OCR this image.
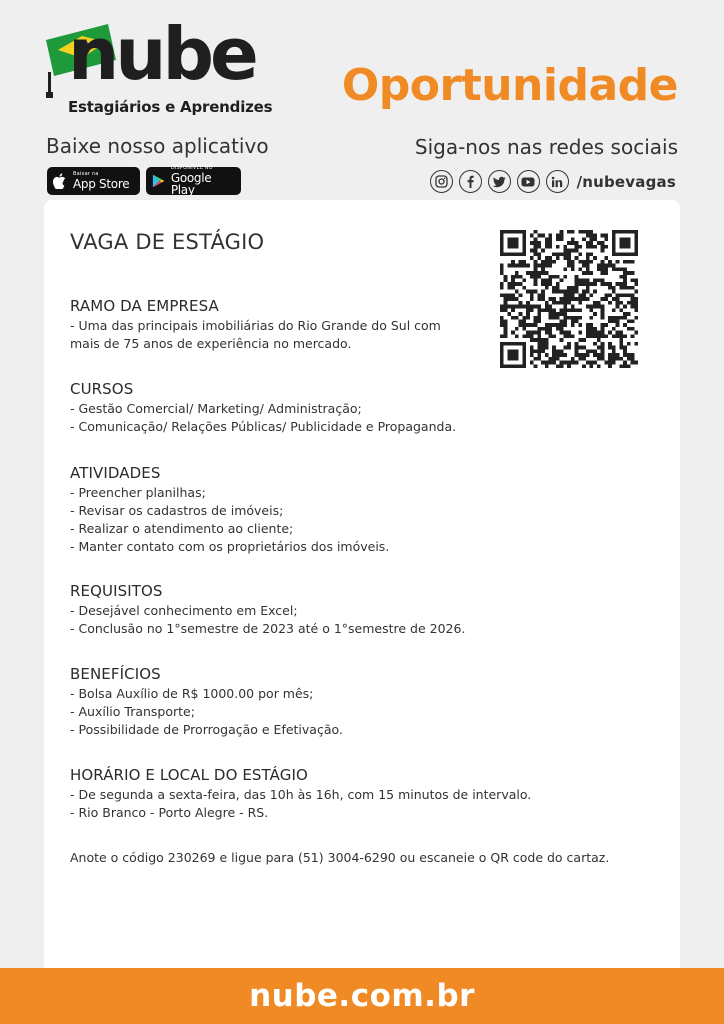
nube
Estagiários e Aprendizes Oportunidade
Baixe nosso aplicativo
Baixar na
App Store
DISPONÍVEL NO
Google Play
Siga-nos nas redes sociais
/nubevagas
VAGA DE ESTÁGIO
RAMO DA EMPRESA
- Uma das principais imobiliárias do Rio Grande do Sul com
mais de 75 anos de experiência no mercado.
CURSOS
- Gestão Comercial/ Marketing/ Administração;
- Comunicação/ Relações Públicas/ Publicidade e Propaganda.
ATIVIDADES
- Preencher planilhas;
- Revisar os cadastros de imóveis;
- Realizar o atendimento ao cliente;
- Manter contato com os proprietários dos imóveis.
REQUISITOS
- Desejável conhecimento em Excel;
- Conclusão no 1°semestre de 2023 até o 1°semestre de 2026.
BENEFÍCIOS
- Bolsa Auxílio de R$ 1000.00 por mês;
- Auxílio Transporte;
- Possibilidade de Prorrogação e Efetivação.
HORÁRIO E LOCAL DO ESTÁGIO
- De segunda a sexta-feira, das 10h às 16h, com 15 minutos de intervalo.
- Rio Branco - Porto Alegre - RS.
Anote o código 230269 e ligue para (51) 3004-6290 ou escaneie o QR code do cartaz.
nube.com.br
